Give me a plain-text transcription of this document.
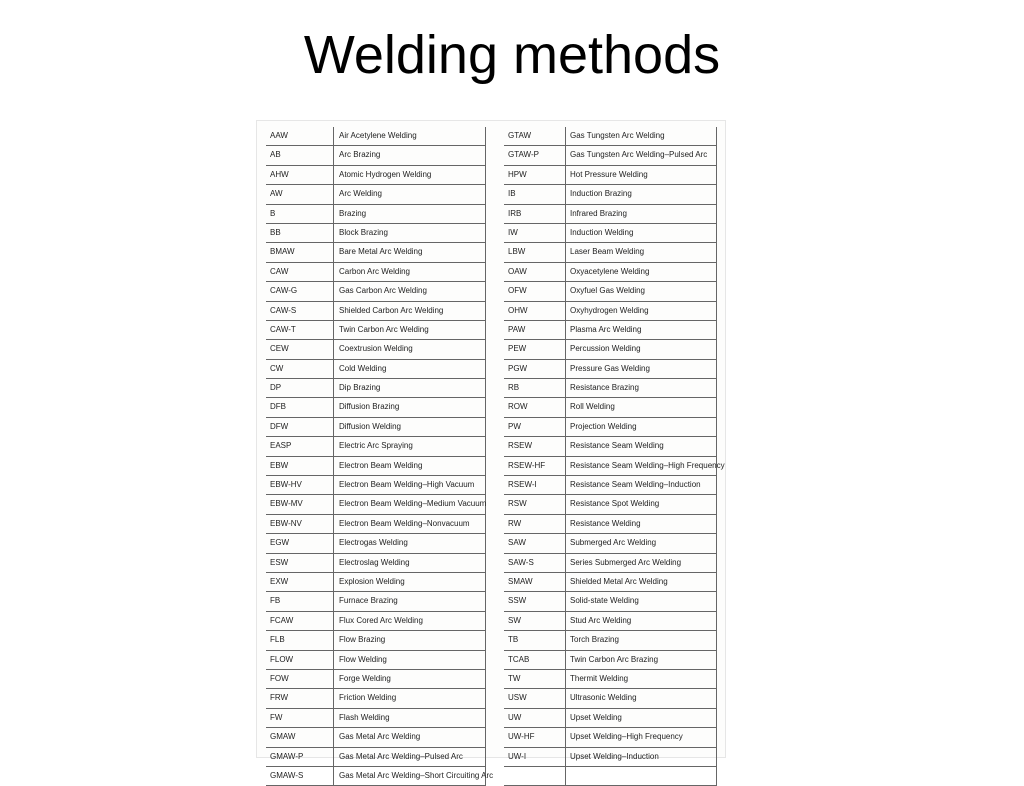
Welding methods
AAW	Air Acetylene Welding
AB	Arc Brazing
AHW	Atomic Hydrogen Welding
AW	Arc Welding
B	Brazing
BB	Block Brazing
BMAW	Bare Metal Arc Welding
CAW	Carbon Arc Welding
CAW-G	Gas Carbon Arc Welding
CAW-S	Shielded Carbon Arc Welding
CAW-T	Twin Carbon Arc Welding
CEW	Coextrusion Welding
CW	Cold Welding
DP	Dip Brazing
DFB	Diffusion Brazing
DFW	Diffusion Welding
EASP	Electric Arc Spraying
EBW	Electron Beam Welding
EBW-HV	Electron Beam Welding–High Vacuum
EBW-MV	Electron Beam Welding–Medium Vacuum
EBW-NV	Electron Beam Welding–Nonvacuum
EGW	Electrogas Welding
ESW	Electroslag Welding
EXW	Explosion Welding
FB	Furnace Brazing
FCAW	Flux Cored Arc Welding
FLB	Flow Brazing
FLOW	Flow Welding
FOW	Forge Welding
FRW	Friction Welding
FW	Flash Welding
GMAW	Gas Metal Arc Welding
GMAW-P	Gas Metal Arc Welding–Pulsed Arc
GMAW-S	Gas Metal Arc Welding–Short Circuiting Arc
GTAW	Gas Tungsten Arc Welding
GTAW-P	Gas Tungsten Arc Welding–Pulsed Arc
HPW	Hot Pressure Welding
IB	Induction Brazing
IRB	Infrared Brazing
IW	Induction Welding
LBW	Laser Beam Welding
OAW	Oxyacetylene Welding
OFW	Oxyfuel Gas Welding
OHW	Oxyhydrogen Welding
PAW	Plasma Arc Welding
PEW	Percussion Welding
PGW	Pressure Gas Welding
RB	Resistance Brazing
ROW	Roll Welding
PW	Projection Welding
RSEW	Resistance Seam Welding
RSEW-HF	Resistance Seam Welding–High Frequency
RSEW-I	Resistance Seam Welding–Induction
RSW	Resistance Spot Welding
RW	Resistance Welding
SAW	Submerged Arc Welding
SAW-S	Series Submerged Arc Welding
SMAW	Shielded Metal Arc Welding
SSW	Solid-state Welding
SW	Stud Arc Welding
TB	Torch Brazing
TCAB	Twin Carbon Arc Brazing
TW	Thermit Welding
USW	Ultrasonic Welding
UW	Upset Welding
UW-HF	Upset Welding–High Frequency
UW-I	Upset Welding–Induction
